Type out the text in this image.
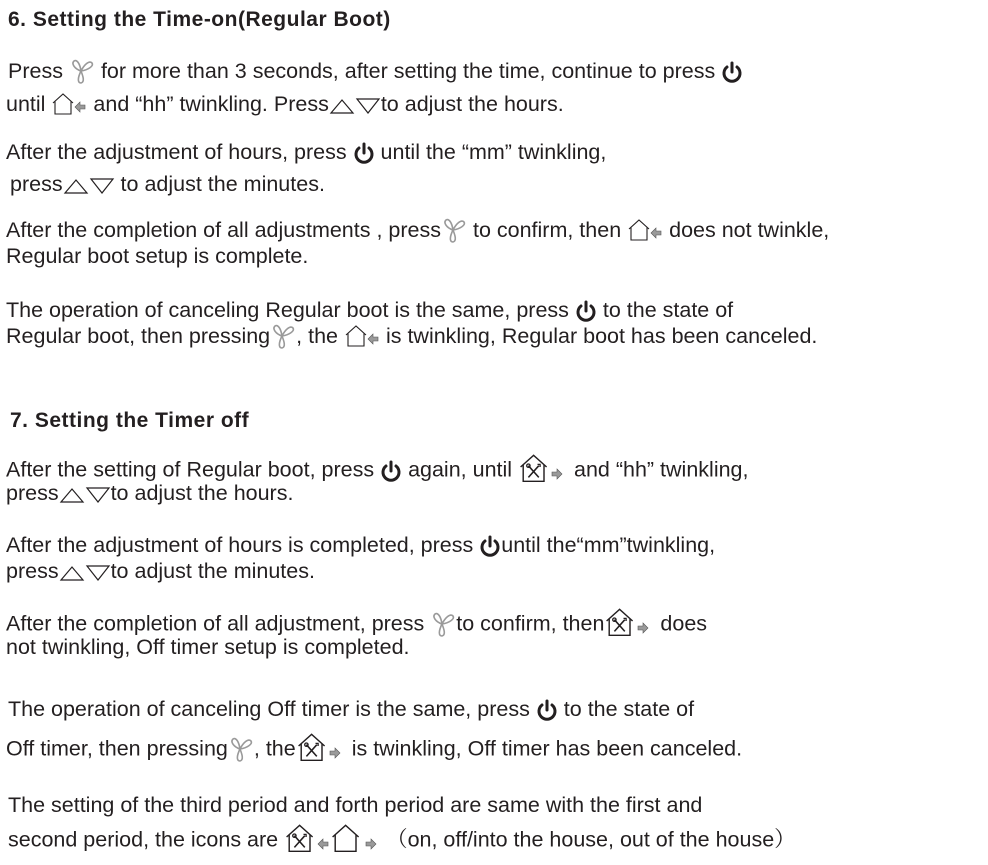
6. Setting the Time-on(Regular Boot)
Press
for more than 3 seconds, after setting the time, continue to press
until
and “hh” twinkling. Press to adjust the hours.
After the adjustment of hours, press
until the “mm” twinkling,
press
to adjust the minutes.
After the completion of all adjustments , press
to confirm, then
does not twinkle,
Regular boot setup is complete.
The operation of canceling Regular boot is the same, press
to the state of
Regular boot, then pressing , the
is twinkling, Regular boot has been canceled.
7. Setting the Timer off
After the setting of Regular boot, press
again, until
and “hh” twinkling,
press to adjust the hours.
After the adjustment of hours is completed, press
until the“mm”twinkling,
press to adjust the minutes.
After the completion of all adjustment, press
to confirm, then
does
not twinkling, Off timer setup is completed.
The operation of canceling Off timer is the same, press
to the state of
Off timer, then pressing , the
is twinkling, Off timer has been canceled.
The setting of the third period and forth period are same with the first and
second period, the icons are	（on, off/into the house, out of the house）
